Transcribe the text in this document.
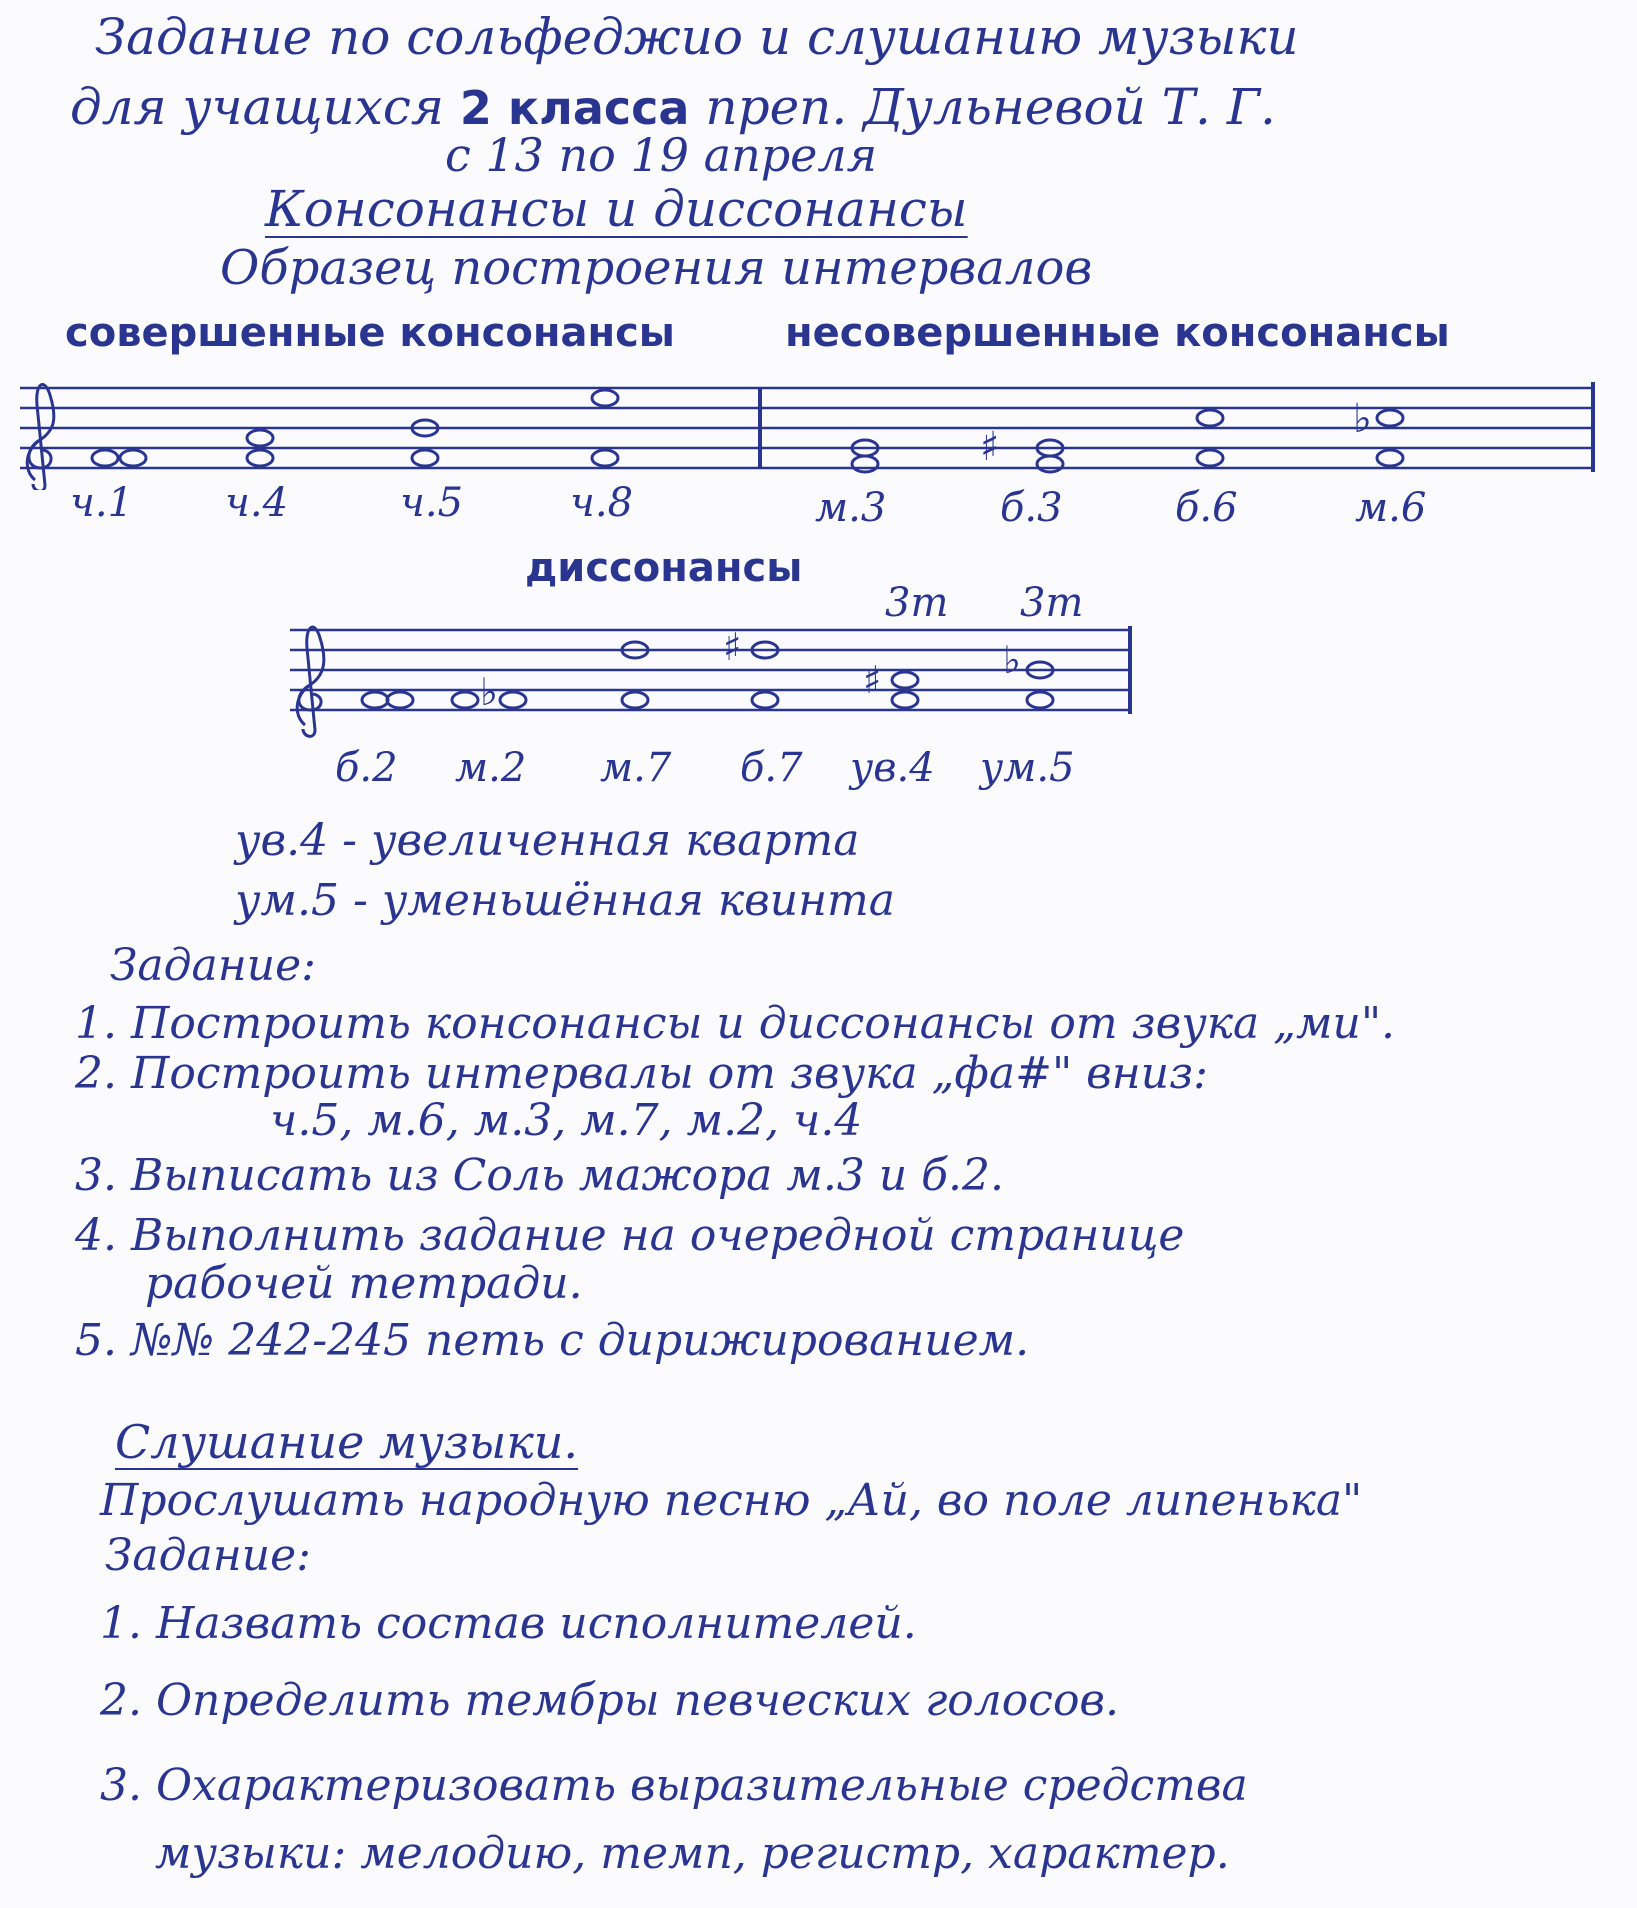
Задание по сольфеджио и слушанию музыки
для учащихся 2 класса преп. Дульневой Т. Г.
с 13 по 19 апреля
Консонансы и диссонансы
Образец построения интервалов
совершенные консонансы	несовершенные консонансы
♯
♭
ч.1 ч.4	ч.5	ч.8	м.3	б.3	б.6	м.6
диссонансы
3т 3т
♭
♯
♯	♭
б.2 м.2 м.7 б.7 ув.4 ум.5
ув.4 - увеличенная кварта
ум.5 - уменьшённая квинта
Задание:
1. Построить консонансы и диссонансы от звука „ми".
2. Построить интервалы от звука „фа#" вниз:
ч.5, м.6, м.3, м.7, м.2, ч.4
3. Выписать из Соль мажора м.3 и б.2.
4. Выполнить задание на очередной странице
рабочей тетради.
5. №№ 242-245 петь с дирижированием.
Слушание музыки.
Прослушать народную песню „Ай, во поле липенька"
Задание:
1. Назвать состав исполнителей.
2. Определить тембры певческих голосов.
3. Охарактеризовать выразительные средства
музыки: мелодию, темп, регистр, характер.
